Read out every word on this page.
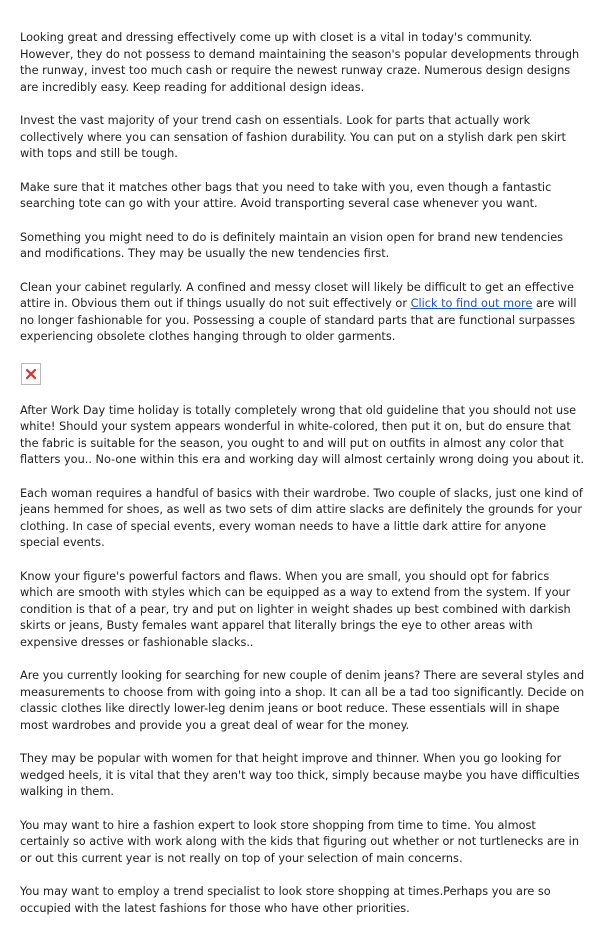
Looking great and dressing effectively come up with closet is a vital in today's community. However, they do not possess to demand maintaining the season's popular developments through the runway, invest too much cash or require the newest runway craze. Numerous design designs are incredibly easy. Keep reading for additional design ideas.

Invest the vast majority of your trend cash on essentials. Look for parts that actually work collectively where you can sensation of fashion durability. You can put on a stylish dark pen skirt with tops and still be tough.

Make sure that it matches other bags that you need to take with you, even though a fantastic searching tote can go with your attire. Avoid transporting several case whenever you want.

Something you might need to do is definitely maintain an vision open for brand new tendencies and modifications. They may be usually the new tendencies first.

Clean your cabinet regularly. A confined and messy closet will likely be difficult to get an effective attire in. Obvious them out if things usually do not suit effectively or Click to find out more are will no longer fashionable for you. Possessing a couple of standard parts that are functional surpasses experiencing obsolete clothes hanging through to older garments.

After Work Day time holiday is totally completely wrong that old guideline that you should not use white! Should your system appears wonderful in white-colored, then put it on, but do ensure that the fabric is suitable for the season, you ought to and will put on outfits in almost any color that flatters you.. No-one within this era and working day will almost certainly wrong doing you about it.

Each woman requires a handful of basics with their wardrobe. Two couple of slacks, just one kind of jeans hemmed for shoes, as well as two sets of dim attire slacks are definitely the grounds for your clothing. In case of special events, every woman needs to have a little dark attire for anyone special events.

Know your figure's powerful factors and flaws. When you are small, you should opt for fabrics which are smooth with styles which can be equipped as a way to extend from the system. If your condition is that of a pear, try and put on lighter in weight shades up best combined with darkish skirts or jeans, Busty females want apparel that literally brings the eye to other areas with expensive dresses or fashionable slacks..

Are you currently looking for searching for new couple of denim jeans? There are several styles and measurements to choose from with going into a shop. It can all be a tad too significantly. Decide on classic clothes like directly lower-leg denim jeans or boot reduce. These essentials will in shape most wardrobes and provide you a great deal of wear for the money.

They may be popular with women for that height improve and thinner. When you go looking for wedged heels, it is vital that they aren't way too thick, simply because maybe you have difficulties walking in them.

You may want to hire a fashion expert to look store shopping from time to time. You almost certainly so active with work along with the kids that figuring out whether or not turtlenecks are in or out this current year is not really on top of your selection of main concerns.

You may want to employ a trend specialist to look store shopping at times.Perhaps you are so occupied with the latest fashions for those who have other priorities.
